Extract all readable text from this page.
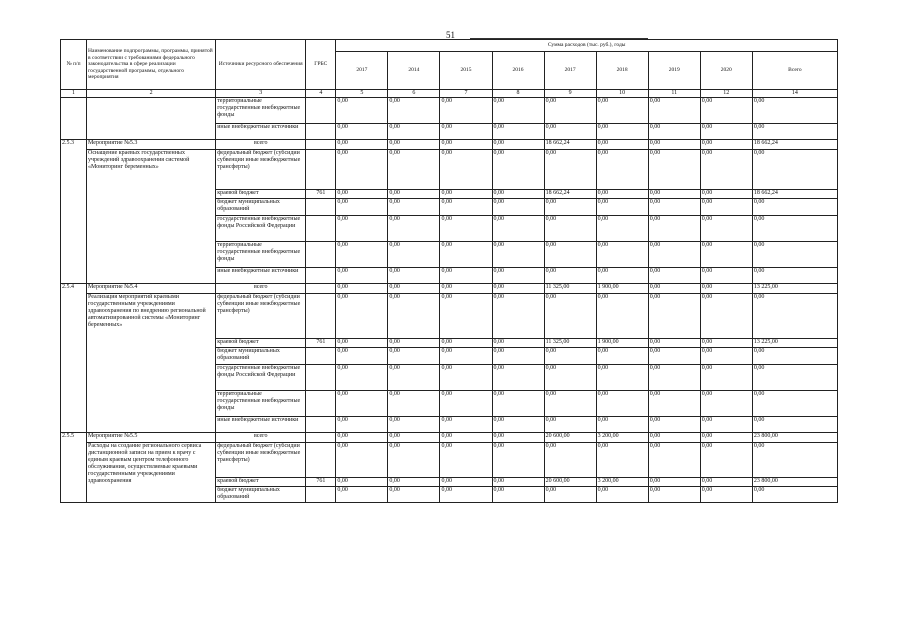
51
№ п/п	Наименование подпрограммы, программы, принятой в соответствии с требованиями федерального законодательства в сфере реализации государственной программы, отдельного мероприятия	Источники ресурсного обеспечения	ГРБС	Сумма расходов (тыс. руб.), годы								
				2017	2014	2015	2016	2017	2018	2019	2020	Всего
1	2	3	4	5	6	7	8	9	10	11	12	14
		территориальные государственные внебюджетные фонды		0,00	0,00	0,00	0,00	0,00	0,00	0,00	0,00	0,00
		иные внебюджетные источники		0,00	0,00	0,00	0,00	0,00	0,00	0,00	0,00	0,00
2.5.3	Мероприятие №5.3	всего		0,00	0,00	0,00	0,00	18 662,24	0,00	0,00	0,00	18 662,24
	Оснащение краевых государственных учреждений здравоохранения системой «Мониторинг беременных»	федеральный бюджет (субсидии субвенции иные межбюджетные трансферты)		0,00	0,00	0,00	0,00	0,00	0,00	0,00	0,00	0,00
		краевой бюджет	761	0,00	0,00	0,00	0,00	18 662,24	0,00	0,00	0,00	18 662,24
		бюджет муниципальных образований		0,00	0,00	0,00	0,00	0,00	0,00	0,00	0,00	0,00
		государственные внебюджетные фонды Российской Федерации		0,00	0,00	0,00	0,00	0,00	0,00	0,00	0,00	0,00
		территориальные государственные внебюджетные фонды		0,00	0,00	0,00	0,00	0,00	0,00	0,00	0,00	0,00
		иные внебюджетные источники		0,00	0,00	0,00	0,00	0,00	0,00	0,00	0,00	0,00
2.5.4	Мероприятие №5.4	всего		0,00	0,00	0,00	0,00	11 325,00	1 900,00	0,00	0,00	13 225,00
	Реализация мероприятий краевыми государственными учреждениями здравоохранения по внедрению региональной автоматизированной системы «Мониторинг беременных»	федеральный бюджет (субсидии субвенции иные межбюджетные трансферты)		0,00	0,00	0,00	0,00	0,00	0,00	0,00	0,00	0,00
		краевой бюджет	761	0,00	0,00	0,00	0,00	11 325,00	1 900,00	0,00	0,00	13 225,00
		бюджет муниципальных образований		0,00	0,00	0,00	0,00	0,00	0,00	0,00	0,00	0,00
		государственные внебюджетные фонды Российской Федерации		0,00	0,00	0,00	0,00	0,00	0,00	0,00	0,00	0,00
		территориальные государственные внебюджетные фонды		0,00	0,00	0,00	0,00	0,00	0,00	0,00	0,00	0,00
		иные внебюджетные источники		0,00	0,00	0,00	0,00	0,00	0,00	0,00	0,00	0,00
2.5.5	Мероприятие №5.5	всего		0,00	0,00	0,00	0,00	20 600,00	3 200,00	0,00	0,00	23 800,00
	Расходы на создание регионального сервиса дистанционной записи на прием к врачу с единым краевым центром телефонного обслуживания, осуществляемые краевыми государственными учреждениями здравоохранения	федеральный бюджет (субсидии субвенции иные межбюджетные трансферты)		0,00	0,00	0,00	0,00	0,00	0,00	0,00	0,00	0,00
		краевой бюджет	761	0,00	0,00	0,00	0,00	20 600,00	3 200,00	0,00	0,00	23 800,00
		бюджет муниципальных образований		0,00	0,00	0,00	0,00	0,00	0,00	0,00	0,00	0,00
